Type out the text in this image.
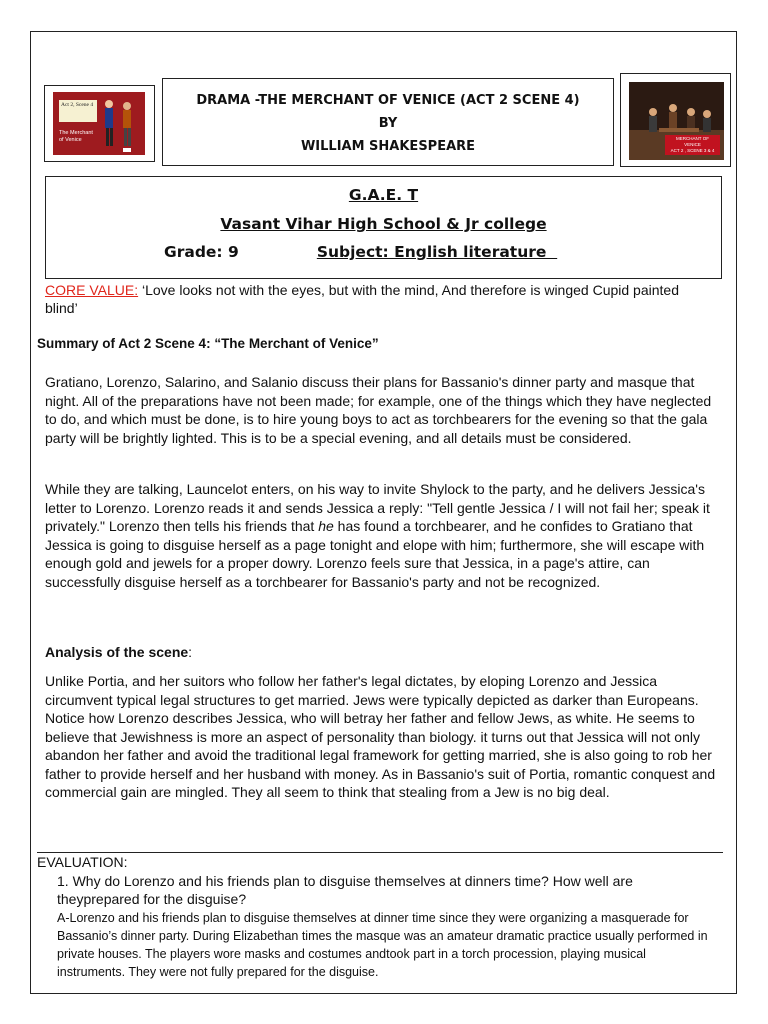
Act 2, Scene 4
The Merchant
of Venice
DRAMA -THE MERCHANT OF VENICE (ACT 2 SCENE 4)
BY
WILLIAM SHAKESPEARE
MERCHANT OF VENICE
ACT 2 , SCENE 3 & 4
G.A.E. T
Vasant Vihar High School & Jr college
Grade: 9	Subject: English literature
CORE VALUE: ‘Love looks not with the eyes, but with the mind, And therefore is winged Cupid painted blind’
Summary of Act 2 Scene 4: “The Merchant of Venice”
Gratiano, Lorenzo, Salarino, and Salanio discuss their plans for Bassanio's dinner party and masque that night. All of the preparations have not been made; for example, one of the things which they have neglected to do, and which must be done, is to hire young boys to act as torchbearers for the evening so that the gala party will be brightly lighted. This is to be a special evening, and all details must be considered.
While they are talking, Launcelot enters, on his way to invite Shylock to the party, and he delivers Jessica's letter to Lorenzo. Lorenzo reads it and sends Jessica a reply: "Tell gentle Jessica / I will not fail her; speak it privately." Lorenzo then tells his friends that he has found a torchbearer, and he confides to Gratiano that Jessica is going to disguise herself as a page tonight and elope with him; furthermore, she will escape with enough gold and jewels for a proper dowry. Lorenzo feels sure that Jessica, in a page's attire, can successfully disguise herself as a torchbearer for Bassanio's party and not be recognized.
Analysis of the scene:
Unlike Portia, and her suitors who follow her father's legal dictates, by eloping Lorenzo and Jessica circumvent typical legal structures to get married. Jews were typically depicted as darker than Europeans. Notice how Lorenzo describes Jessica, who will betray her father and fellow Jews, as white. He seems to believe that Jewishness is more an aspect of personality than biology. it turns out that Jessica will not only abandon her father and avoid the traditional legal framework for getting married, she is also going to rob her father to provide herself and her husband with money. As in Bassanio's suit of Portia, romantic conquest and commercial gain are mingled. They all seem to think that stealing from a Jew is no big deal.
EVALUATION:
1. Why do Lorenzo and his friends plan to disguise themselves at dinners time? How well are theyprepared for the disguise?
A-Lorenzo and his friends plan to disguise themselves at dinner time since they were organizing a masquerade for Bassanio’s dinner party. During Elizabethan times the masque was an amateur dramatic practice usually performed in private houses. The players wore masks and costumes andtook part in a torch procession, playing musical instruments. They were not fully prepared for the disguise.
